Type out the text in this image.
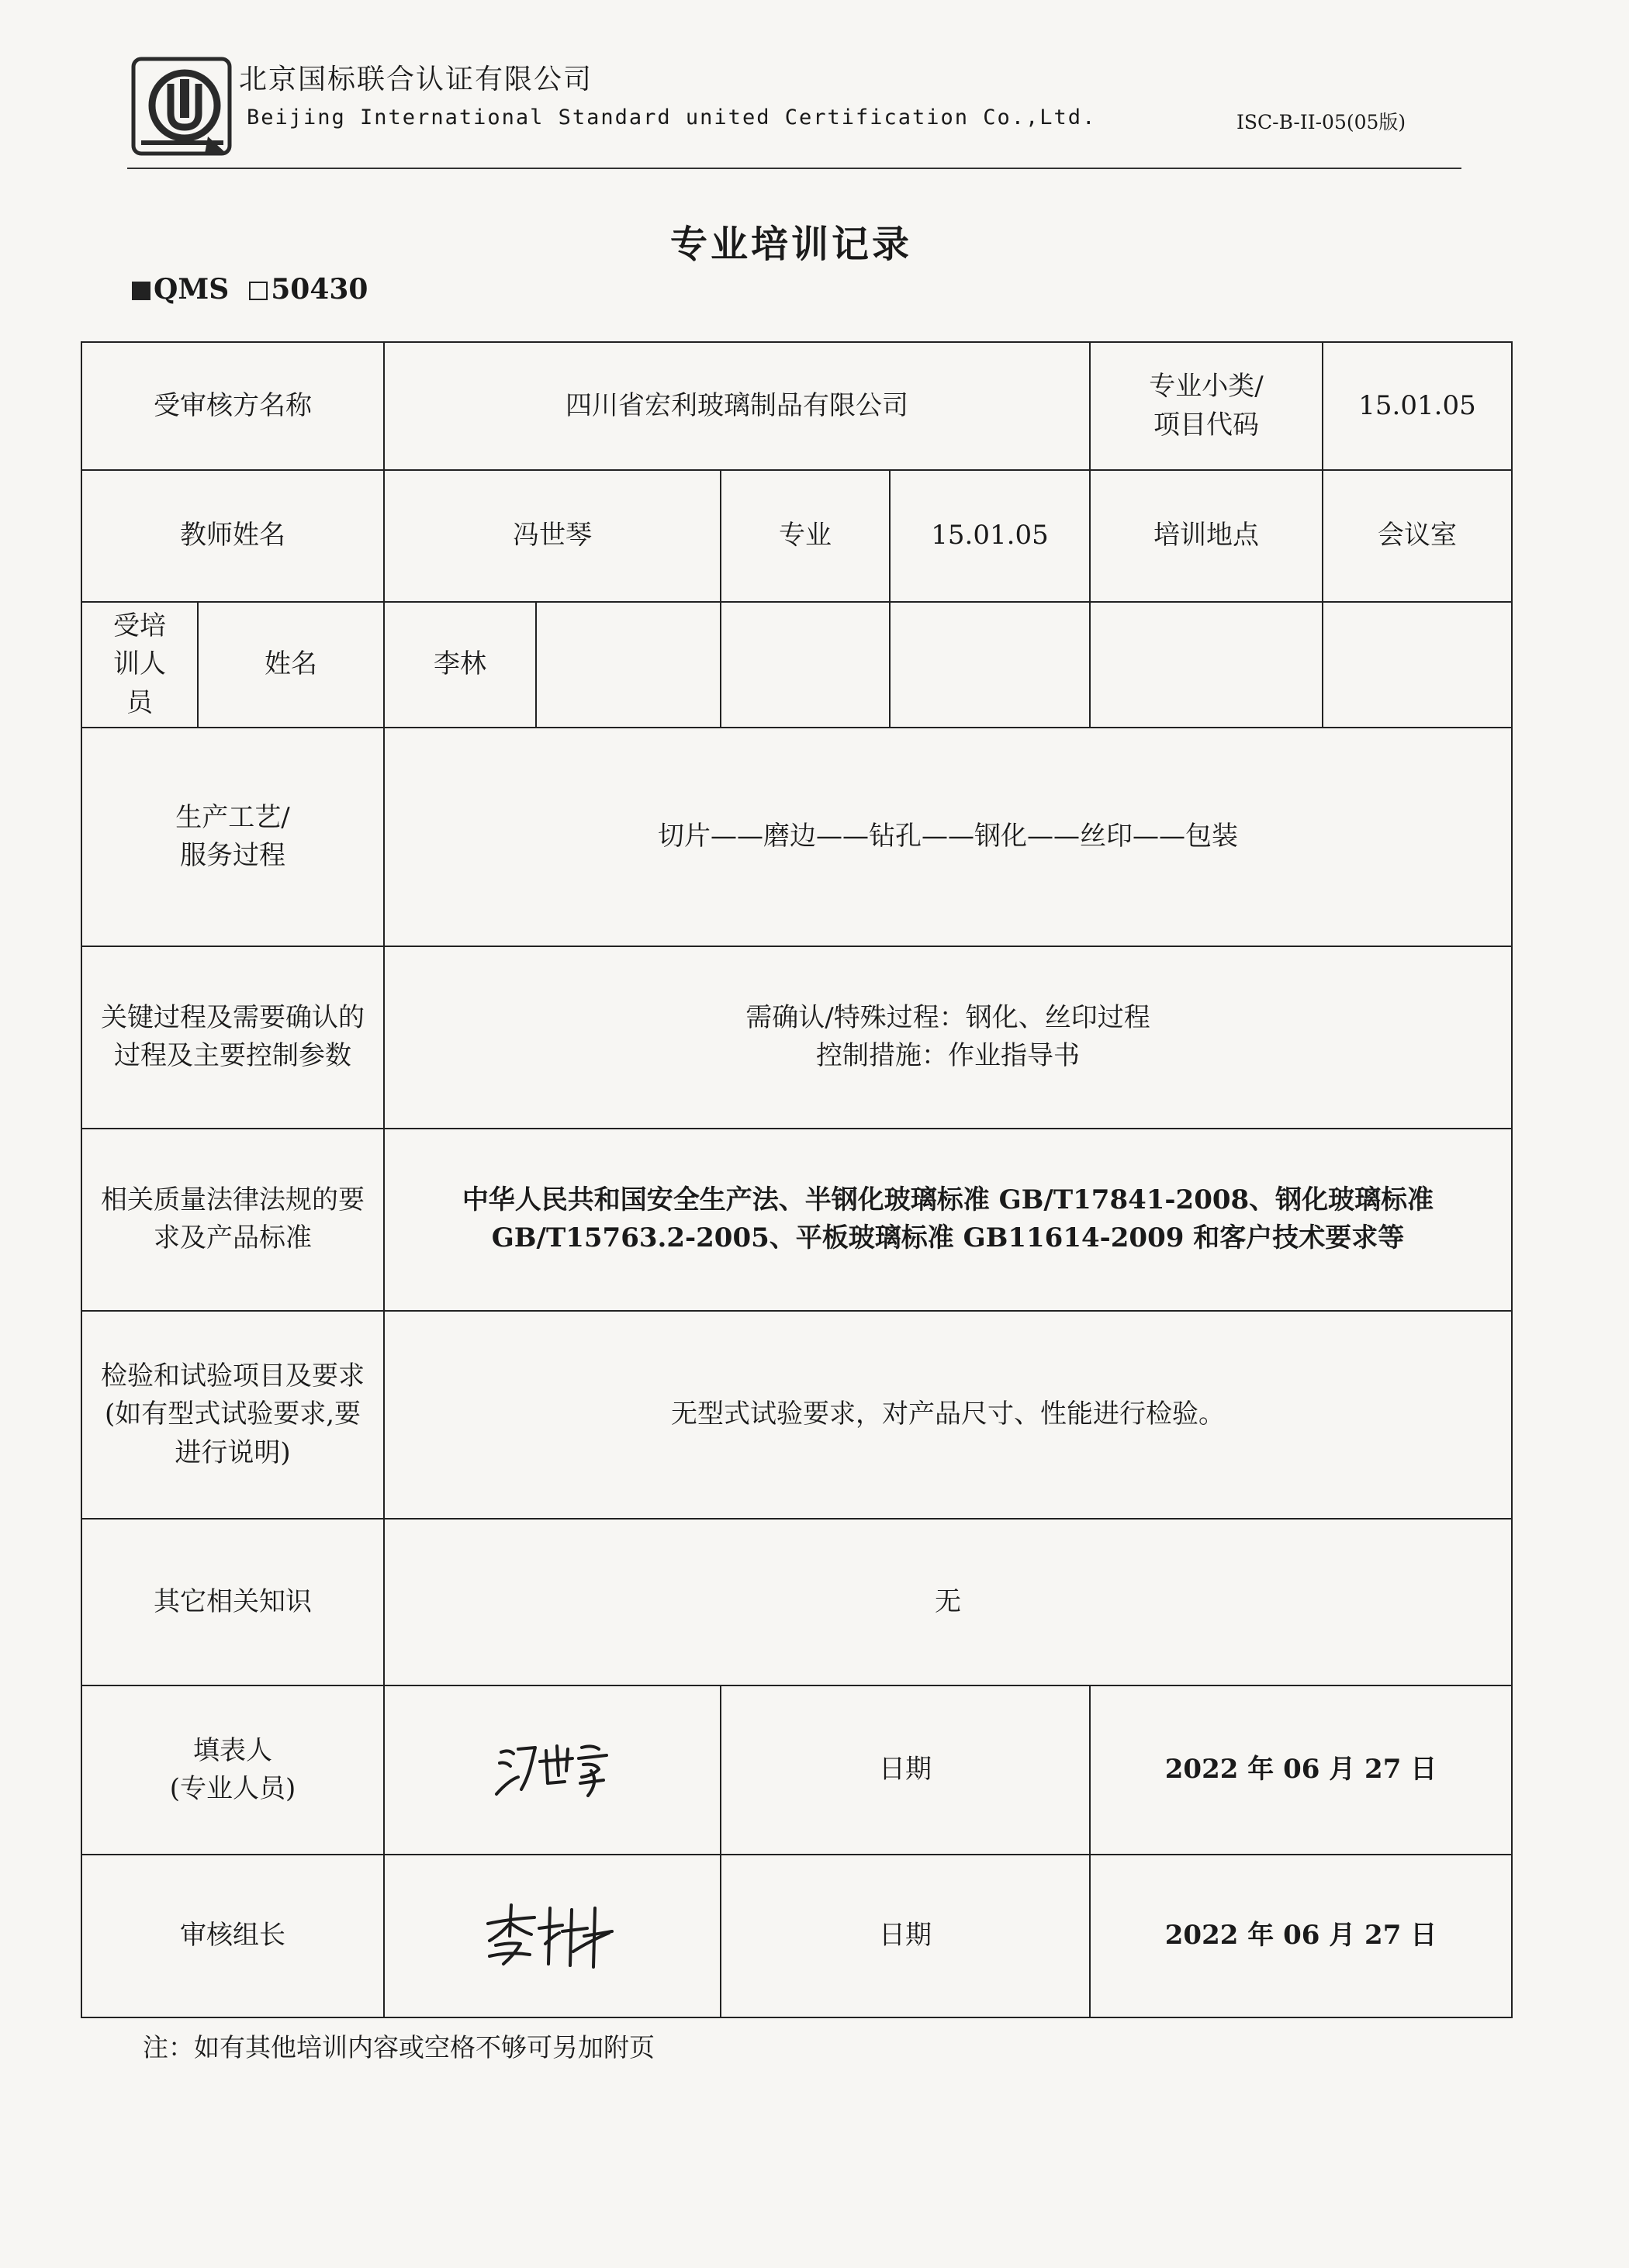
北京国标联合认证有限公司
Beijing International Standard united Certification Co.,Ltd.	ISC-B-II-05(05版)
专业培训记录
QMS 50430
受审核方名称		四川省宏利玻璃制品有限公司				专业小类/项目代码	15.01.05
教师姓名		冯世琴		专业	15.01.05	培训地点	会议室
受培训人员	姓名	李林					
生产工艺/服务过程		切片——磨边——钻孔——钢化——丝印——包装					
关键过程及需要确认的过程及主要控制参数		需确认/特殊过程：钢化、丝印过程
控制措施：作业指导书					

相关质量法律法规的要求及产品标准		中华人民共和国安全生产法、半钢化玻璃标准 GB/T17841-2008、钢化玻璃标准
GB/T15763.2-2005、平板玻璃标准 GB11614-2009 和客户技术要求等					

检验和试验项目及要求(如有型式试验要求,要进行说明)		无型式试验要求，对产品尺寸、性能进行检验。					
其它相关知识		无					

填表人
(专业人员)				日期		2022 年 06 月 27 日	
审核组长				日期		2022 年 06 月 27 日	
注：如有其他培训内容或空格不够可另加附页
